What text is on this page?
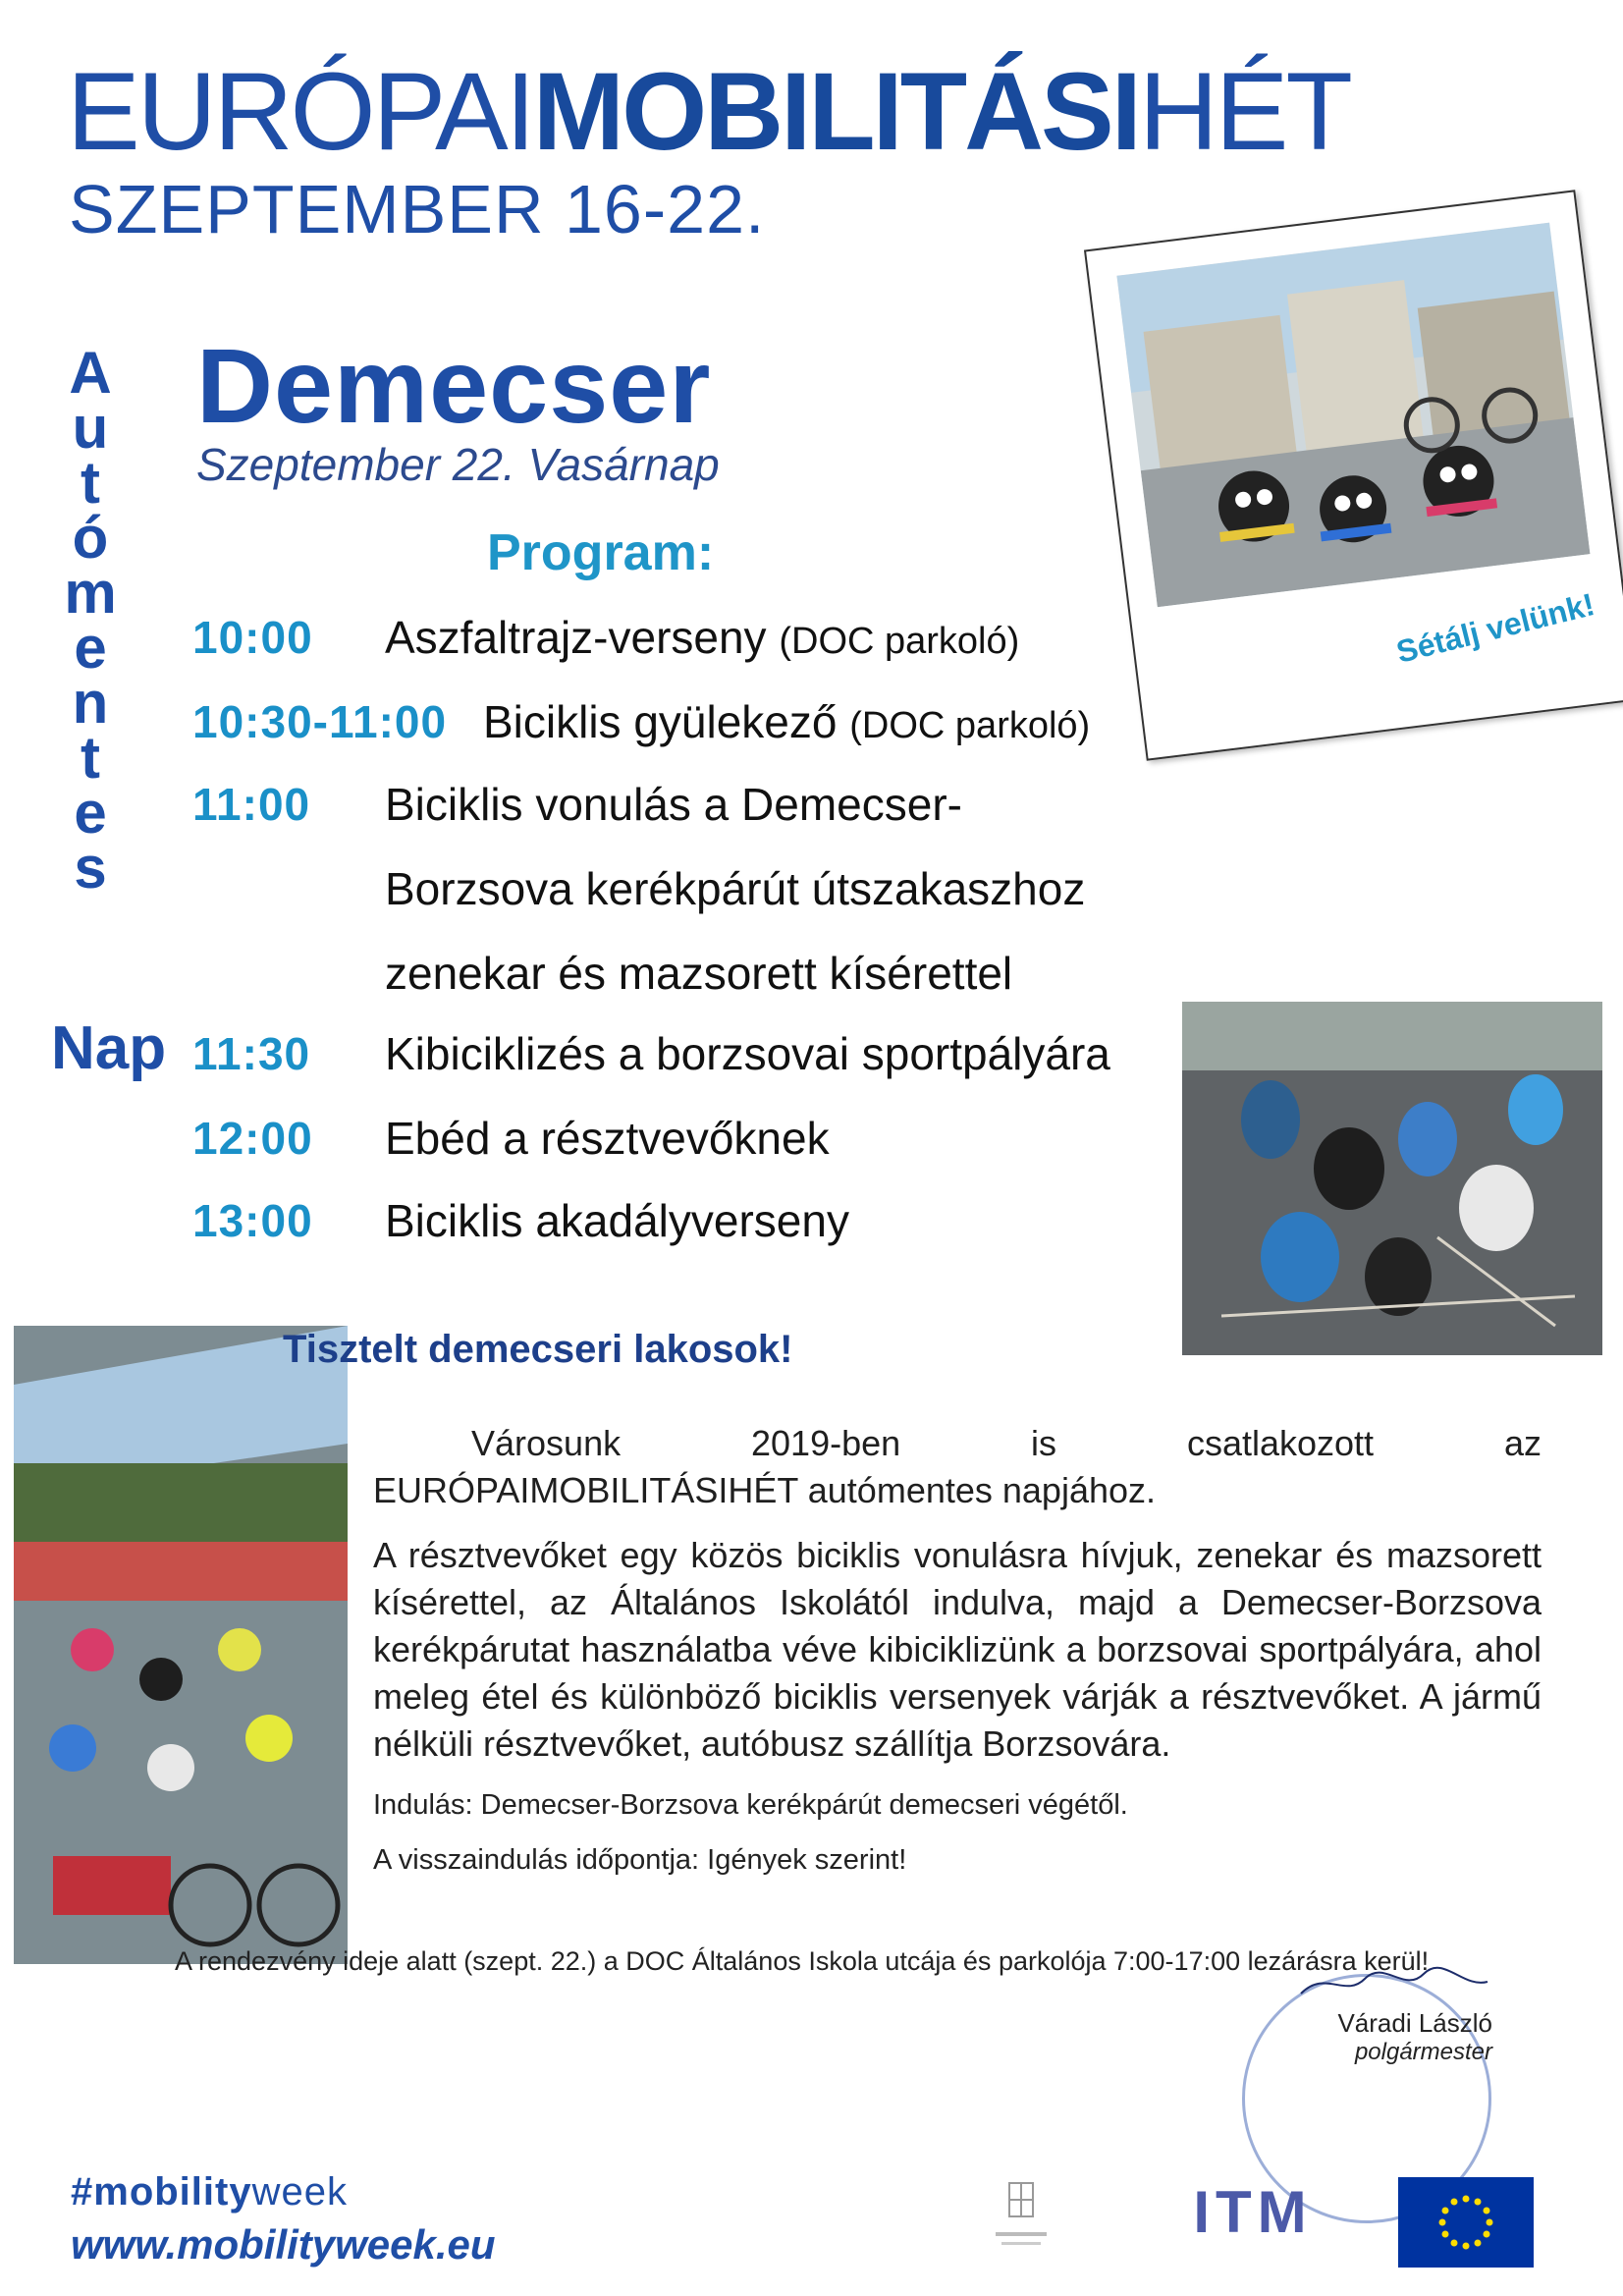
EURÓPAIMOBILITÁSIHÉT
SZEPTEMBER 16-22.
A
u
t
ó
m
e
n
t
e
s
Nap
Demecser
Szeptember 22. Vasárnap
Program:
10:00 Aszfaltrajz-verseny (DOC parkoló)
10:30-11:00 Biciklis gyülekező (DOC parkoló)
11:00 Biciklis vonulás a Demecser-
Borzsova kerékpárút útszakaszhoz
zenekar és mazsorett kísérettel
11:30 Kibiciklizés a borzsovai sportpályára
12:00 Ebéd a résztvevőknek
13:00 Biciklis akadályverseny
Sétálj velünk!
Tisztelt demecseri lakosok!
Városunk	2019-ben	is	csatlakozott	az
EURÓPAIMOBILITÁSIHÉT autómentes napjához.
A résztvevőket egy közös biciklis vonulásra hívjuk, zenekar és mazsorett kísérettel, az Általános Iskolától indulva, majd a Demecser-Borzsova kerékpárutat használatba véve kibiciklizünk a borzsovai sportpályára, ahol meleg étel és különböző biciklis versenyek várják a résztvevőket. A jármű nélküli résztvevőket, autóbusz szállítja Borzsovára.
Indulás: Demecser-Borzsova kerékpárút demecseri végétől.
A visszaindulás időpontja: Igények szerint!
A rendezvény ideje alatt (szept. 22.) a DOC Általános Iskola utcája és parkolója 7:00-17:00 lezárásra kerül!
Váradi László
polgármester
#mobilityweek
www.mobilityweek.eu	ITM
